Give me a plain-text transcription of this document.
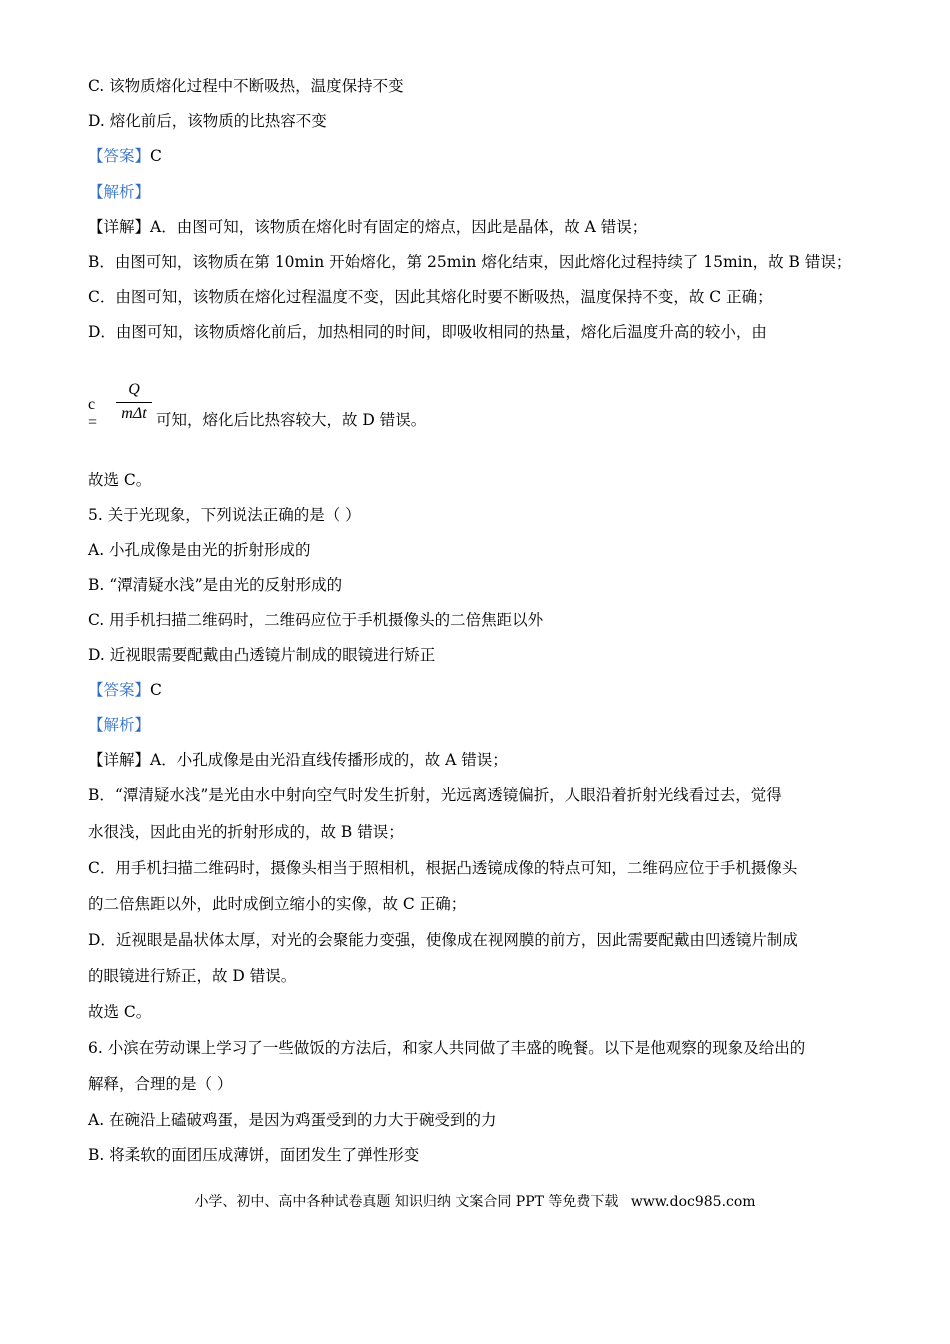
C. 该物质熔化过程中不断吸热，温度保持不变
D. 熔化前后，该物质的比热容不变
【答案】C
【解析】
【详解】A．由图可知，该物质在熔化时有固定的熔点，因此是晶体，故 A 错误；
B．由图可知，该物质在第 10min 开始熔化，第 25min 熔化结束，因此熔化过程持续了 15min，故 B 错误；
C．由图可知，该物质在熔化过程温度不变，因此其熔化时要不断吸热，温度保持不变，故 C 正确；
D．由图可知，该物质熔化前后，加热相同的时间，即吸收相同的热量，熔化后温度升高的较小，由
c =
Q
mΔt 可知，熔化后比热容较大，故 D 错误。
故选 C。
5. 关于光现象，下列说法正确的是（ ）
A. 小孔成像是由光的折射形成的
B. “潭清疑水浅”是由光的反射形成的
C. 用手机扫描二维码时，二维码应位于手机摄像头的二倍焦距以外
D. 近视眼需要配戴由凸透镜片制成的眼镜进行矫正
【答案】C
【解析】
【详解】A．小孔成像是由光沿直线传播形成的，故 A 错误；
B．“潭清疑水浅”是光由水中射向空气时发生折射，光远离透镜偏折，人眼沿着折射光线看过去，觉得
水很浅，因此由光的折射形成的，故 B 错误；
C．用手机扫描二维码时，摄像头相当于照相机，根据凸透镜成像的特点可知，二维码应位于手机摄像头
的二倍焦距以外，此时成倒立缩小的实像，故 C 正确；
D．近视眼是晶状体太厚，对光的会聚能力变强，使像成在视网膜的前方，因此需要配戴由凹透镜片制成
的眼镜进行矫正，故 D 错误。
故选 C。
6. 小滨在劳动课上学习了一些做饭的方法后，和家人共同做了丰盛的晚餐。以下是他观察的现象及给出的
解释，合理的是（ ）
A. 在碗沿上磕破鸡蛋，是因为鸡蛋受到的力大于碗受到的力
B. 将柔软的面团压成薄饼，面团发生了弹性形变
小学、初中、高中各种试卷真题 知识归纳 文案合同 PPT 等免费下载 www.doc985.com
